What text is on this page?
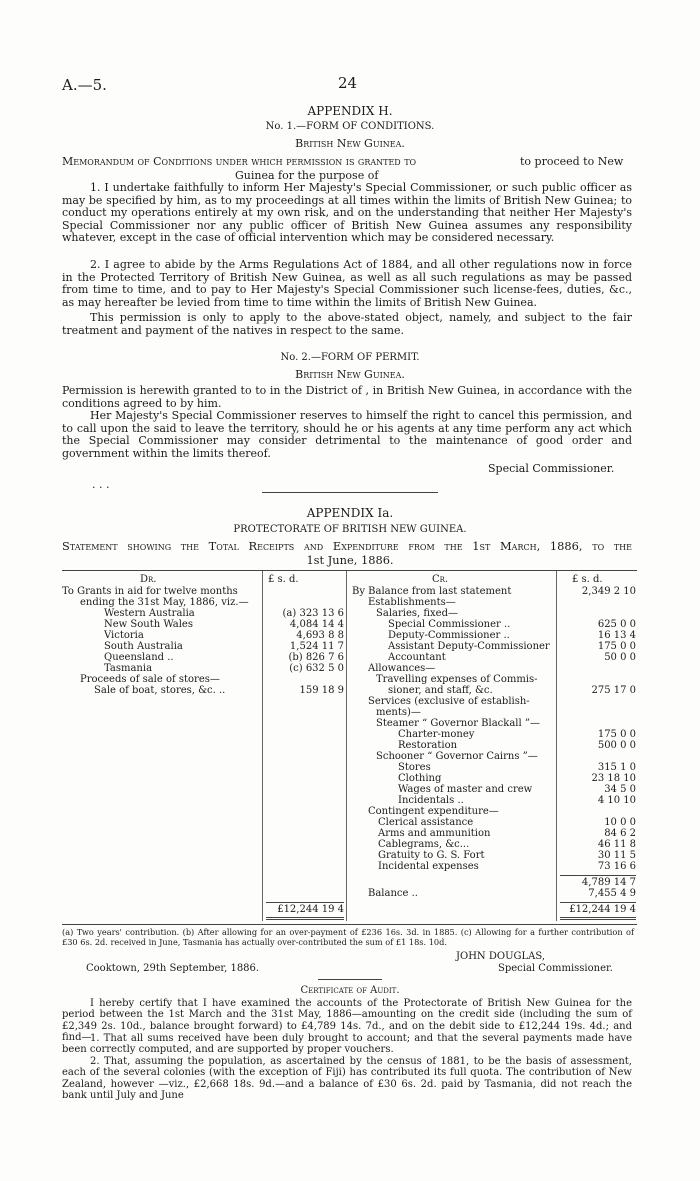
A.—5.	24
APPENDIX H.
No. 1.—FORM OF CONDITIONS.
British New Guinea.
Memorandum of Conditions under which permission is granted to	to proceed to New
Guinea for the purpose of
1. I undertake faithfully to inform Her Majesty's Special Commissioner, or such public officer as may be specified by him, as to my proceedings at all times within the limits of British New Guinea; to conduct my operations entirely at my own risk, and on the understanding that neither Her Majesty's Special Commissioner nor any public officer of British New Guinea assumes any responsibility whatever, except in the case of official intervention which may be considered necessary.
2. I agree to abide by the Arms Regulations Act of 1884, and all other regulations now in force in the Protected Territory of British New Guinea, as well as all such regulations as may be passed from time to time, and to pay to Her Majesty's Special Commissioner such license-fees, duties, &c., as may hereafter be levied from time to time within the limits of British New Guinea.
This permission is only to apply to the above-stated object, namely, and subject to the fair treatment and payment of the natives in respect to the same.
No. 2.—FORM OF PERMIT.
British New Guinea.
Permission is herewith granted to to in the District of , in British New Guinea, in accordance with the conditions agreed to by him.
Her Majesty's Special Commissioner reserves to himself the right to cancel this permission, and to call upon the said to leave the territory, should he or his agents at any time perform any act which the Special Commissioner may consider detrimental to the maintenance of good order and government within the limits thereof.
Special Commissioner.
. . .
APPENDIX Ia.
PROTECTORATE OF BRITISH NEW GUINEA.
Statement showing the Total Receipts and Expenditure from the 1st March, 1886, to the
1st June, 1886.
Dr.	£ s. d.	Cr.	£ s. d.
To Grants in aid for twelve months
ending the 31st May, 1886, viz.—
Western Australia	(a) 323 13 6
New South Wales	4,084 14 4
Victoria	4,693 8 8
South Australia	1,524 11 7
Queensland ..	(b) 826 7 6
Tasmania	(c) 632 5 0
Proceeds of sale of stores—
Sale of boat, stores, &c. ..	159 18 9
By Balance from last statement	2,349 2 10
Establishments—
Salaries, fixed—
Special Commissioner ..	625 0 0
Deputy-Commissioner ..	16 13 4
Assistant Deputy-Commissioner	175 0 0
Accountant	50 0 0
Allowances—
Travelling expenses of Commis-
sioner, and staff, &c.	275 17 0
Services (exclusive of establish-
ments)—
Steamer “ Governor Blackall ”—
Charter-money	175 0 0
Restoration	500 0 0
Schooner “ Governor Cairns ”—
Stores	315 1 0
Clothing	23 18 10
Wages of master and crew	34 5 0
Incidentals ..	4 10 10
Contingent expenditure—
Clerical assistance	10 0 0
Arms and ammunition	84 6 2
Cablegrams, &c...	46 11 8
Gratuity to G. S. Fort	30 11 5
Incidental expenses	73 16 6
4,789 14 7
Balance ..	7,455 4 9
£12,244 19 4	£12,244 19 4
(a) Two years' contribution. (b) After allowing for an over-payment of £236 16s. 3d. in 1885. (c) Allowing for a further contribution of £30 6s. 2d. received in June, Tasmania has actually over-contributed the sum of £1 18s. 10d.
JOHN DOUGLAS,
Special Commissioner.
Cooktown, 29th September, 1886.
Certificate of Audit.
I hereby certify that I have examined the accounts of the Protectorate of British New Guinea for the period between the 1st March and the 31st May, 1886—amounting on the credit side (including the sum of £2,349 2s. 10d., balance brought forward) to £4,789 14s. 7d., and on the debit side to £12,244 19s. 4d.; and find—
1. That all sums received have been duly brought to account; and that the several payments made have been correctly computed, and are supported by proper vouchers.
2. That, assuming the population, as ascertained by the census of 1881, to be the basis of assessment, each of the several colonies (with the exception of Fiji) has contributed its full quota. The contribution of New Zealand, however —viz., £2,668 18s. 9d.—and a balance of £30 6s. 2d. paid by Tasmania, did not reach the bank until July and June
